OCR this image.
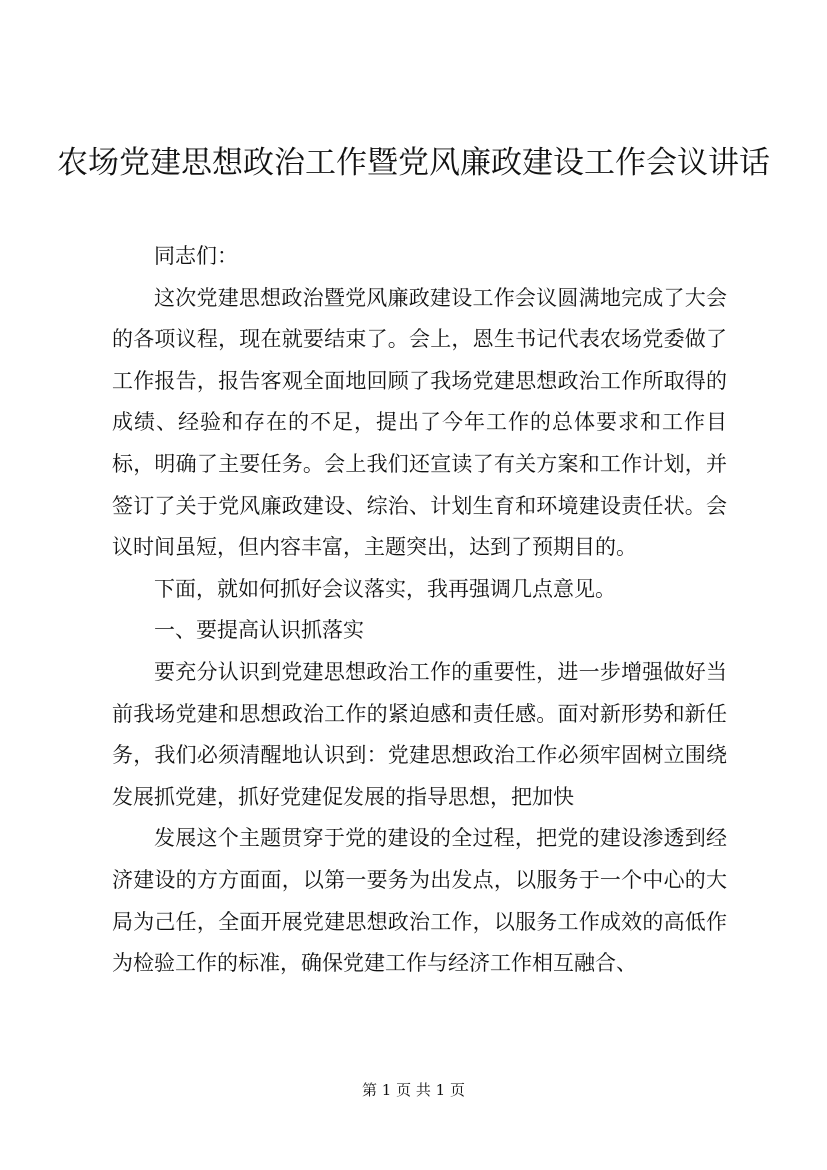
农场党建思想政治工作暨党风廉政建设工作会议讲话

同志们：

这次党建思想政治暨党风廉政建设工作会议圆满地完成了大会的各项议程，现在就要结束了。会上，恩生书记代表农场党委做了工作报告，报告客观全面地回顾了我场党建思想政治工作所取得的成绩、经验和存在的不足，提出了今年工作的总体要求和工作目标，明确了主要任务。会上我们还宣读了有关方案和工作计划，并签订了关于党风廉政建设、综治、计划生育和环境建设责任状。会议时间虽短，但内容丰富，主题突出，达到了预期目的。

下面，就如何抓好会议落实，我再强调几点意见。

一、要提高认识抓落实

要充分认识到党建思想政治工作的重要性，进一步增强做好当前我场党建和思想政治工作的紧迫感和责任感。面对新形势和新任务，我们必须清醒地认识到：党建思想政治工作必须牢固树立围绕发展抓党建，抓好党建促发展的指导思想，把加快

发展这个主题贯穿于党的建设的全过程，把党的建设渗透到经济建设的方方面面，以第一要务为出发点，以服务于一个中心的大局为己任，全面开展党建思想政治工作，以服务工作成效的高低作为检验工作的标准，确保党建工作与经济工作相互融合、

第 1 页 共 1 页
